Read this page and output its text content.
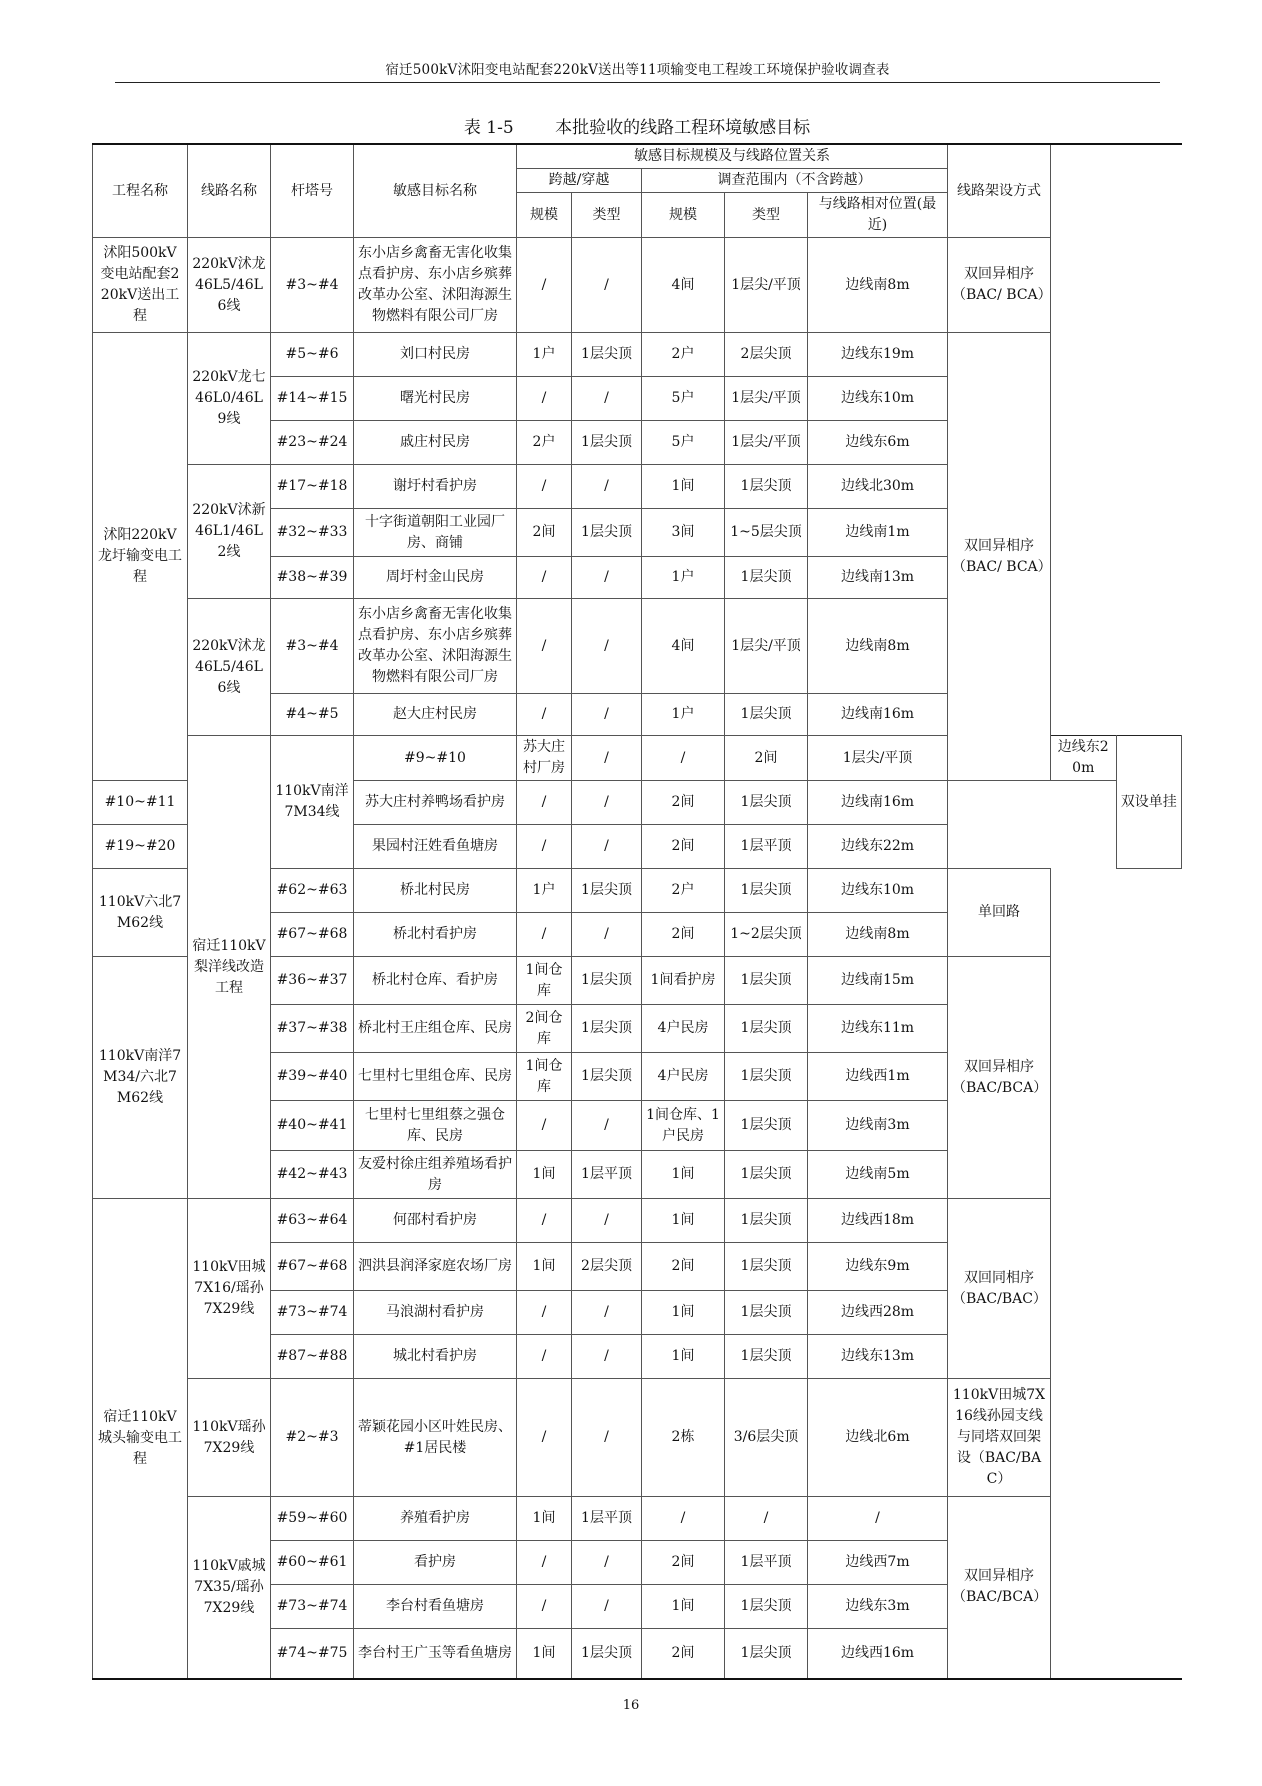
宿迁500kV沭阳变电站配套220kV送出等11项输变电工程竣工环境保护验收调查表
表 1-5 本批验收的线路工程环境敏感目标
工程名称	线路名称	杆塔号	敏感目标名称	敏感目标规模及与线路位置关系					线路架设方式		
				跨越/穿越		调查范围内（不含跨越）					
				规模	类型	规模	类型	与线路相对位置(最近)			
沭阳500kV变电站配套220kV送出工程	220kV沭龙46L5/46L6线	#3~#4	东小店乡禽畜无害化收集点看护房、东小店乡殡葬改革办公室、沭阳海源生物燃料有限公司厂房	/	/	4间	1层尖/平顶	边线南8m	双回异相序（BAC/ BCA）		
沭阳220kV龙圩输变电工程	220kV龙七46L0/46L9线	#5~#6	刘口村民房	1户	1层尖顶	2户	2层尖顶	边线东19m	双回异相序（BAC/ BCA）		
		#14~#15	曙光村民房	/	/	5户	1层尖/平顶	边线东10m			
		#23~#24	戚庄村民房	2户	1层尖顶	5户	1层尖/平顶	边线东6m			
	220kV沭新46L1/46L2线	#17~#18	谢圩村看护房	/	/	1间	1层尖顶	边线北30m			
		#32~#33	十字街道朝阳工业园厂房、商铺	2间	1层尖顶	3间	1~5层尖顶	边线南1m			
		#38~#39	周圩村金山民房	/	/	1户	1层尖顶	边线南13m			
	220kV沭龙46L5/46L6线	#3~#4	东小店乡禽畜无害化收集点看护房、东小店乡殡葬改革办公室、沭阳海源生物燃料有限公司厂房	/	/	4间	1层尖/平顶	边线南8m			
		#4~#5	赵大庄村民房	/	/	1户	1层尖顶	边线南16m			
	宿迁110kV梨洋线改造工程	110kV南洋7M34线	#9~#10	苏大庄村厂房	/	/	2间	1层尖/平顶		边线东20m	双设单挂
#10~#11			苏大庄村养鸭场看护房	/	/	2间	1层尖顶	边线南16m			
#19~#20			果园村汪姓看鱼塘房	/	/	2间	1层平顶	边线东22m			
110kV六北7M62线		#62~#63	桥北村民房	1户	1层尖顶	2户	1层尖顶	边线东10m	单回路		
		#67~#68	桥北村看护房	/	/	2间	1~2层尖顶	边线南8m			
110kV南洋7M34/六北7M62线		#36~#37	桥北村仓库、看护房	1间仓库	1层尖顶	1间看护房	1层尖顶	边线南15m	双回异相序（BAC/BCA）		
		#37~#38	桥北村王庄组仓库、民房	2间仓库	1层尖顶	4户民房	1层尖顶	边线东11m			
		#39~#40	七里村七里组仓库、民房	1间仓库	1层尖顶	4户民房	1层尖顶	边线西1m			
		#40~#41	七里村七里组蔡之强仓库、民房	/	/	1间仓库、1户民房	1层尖顶	边线南3m			
		#42~#43	友爱村徐庄组养殖场看护房	1间	1层平顶	1间	1层尖顶	边线南5m			
宿迁110kV城头输变电工程	110kV田城7X16/瑶孙7X29线	#63~#64	何邵村看护房	/	/	1间	1层尖顶	边线西18m	双回同相序（BAC/BAC）		
		#67~#68	泗洪县润泽家庭农场厂房	1间	2层尖顶	2间	1层尖顶	边线东9m			
		#73~#74	马浪湖村看护房	/	/	1间	1层尖顶	边线西28m			
		#87~#88	城北村看护房	/	/	1间	1层尖顶	边线东13m			
	110kV瑶孙7X29线	#2~#3	蒂颖花园小区叶姓民房、#1居民楼	/	/	2栋	3/6层尖顶	边线北6m	110kV田城7X16线孙园支线与同塔双回架设（BAC/BAC）		
	110kV戚城7X35/瑶孙7X29线	#59~#60	养殖看护房	1间	1层平顶	/	/	/	双回异相序（BAC/BCA）		
		#60~#61	看护房	/	/	2间	1层平顶	边线西7m			
		#73~#74	李台村看鱼塘房	/	/	1间	1层尖顶	边线东3m			
		#74~#75	李台村王广玉等看鱼塘房	1间	1层尖顶	2间	1层尖顶	边线西16m			
16
